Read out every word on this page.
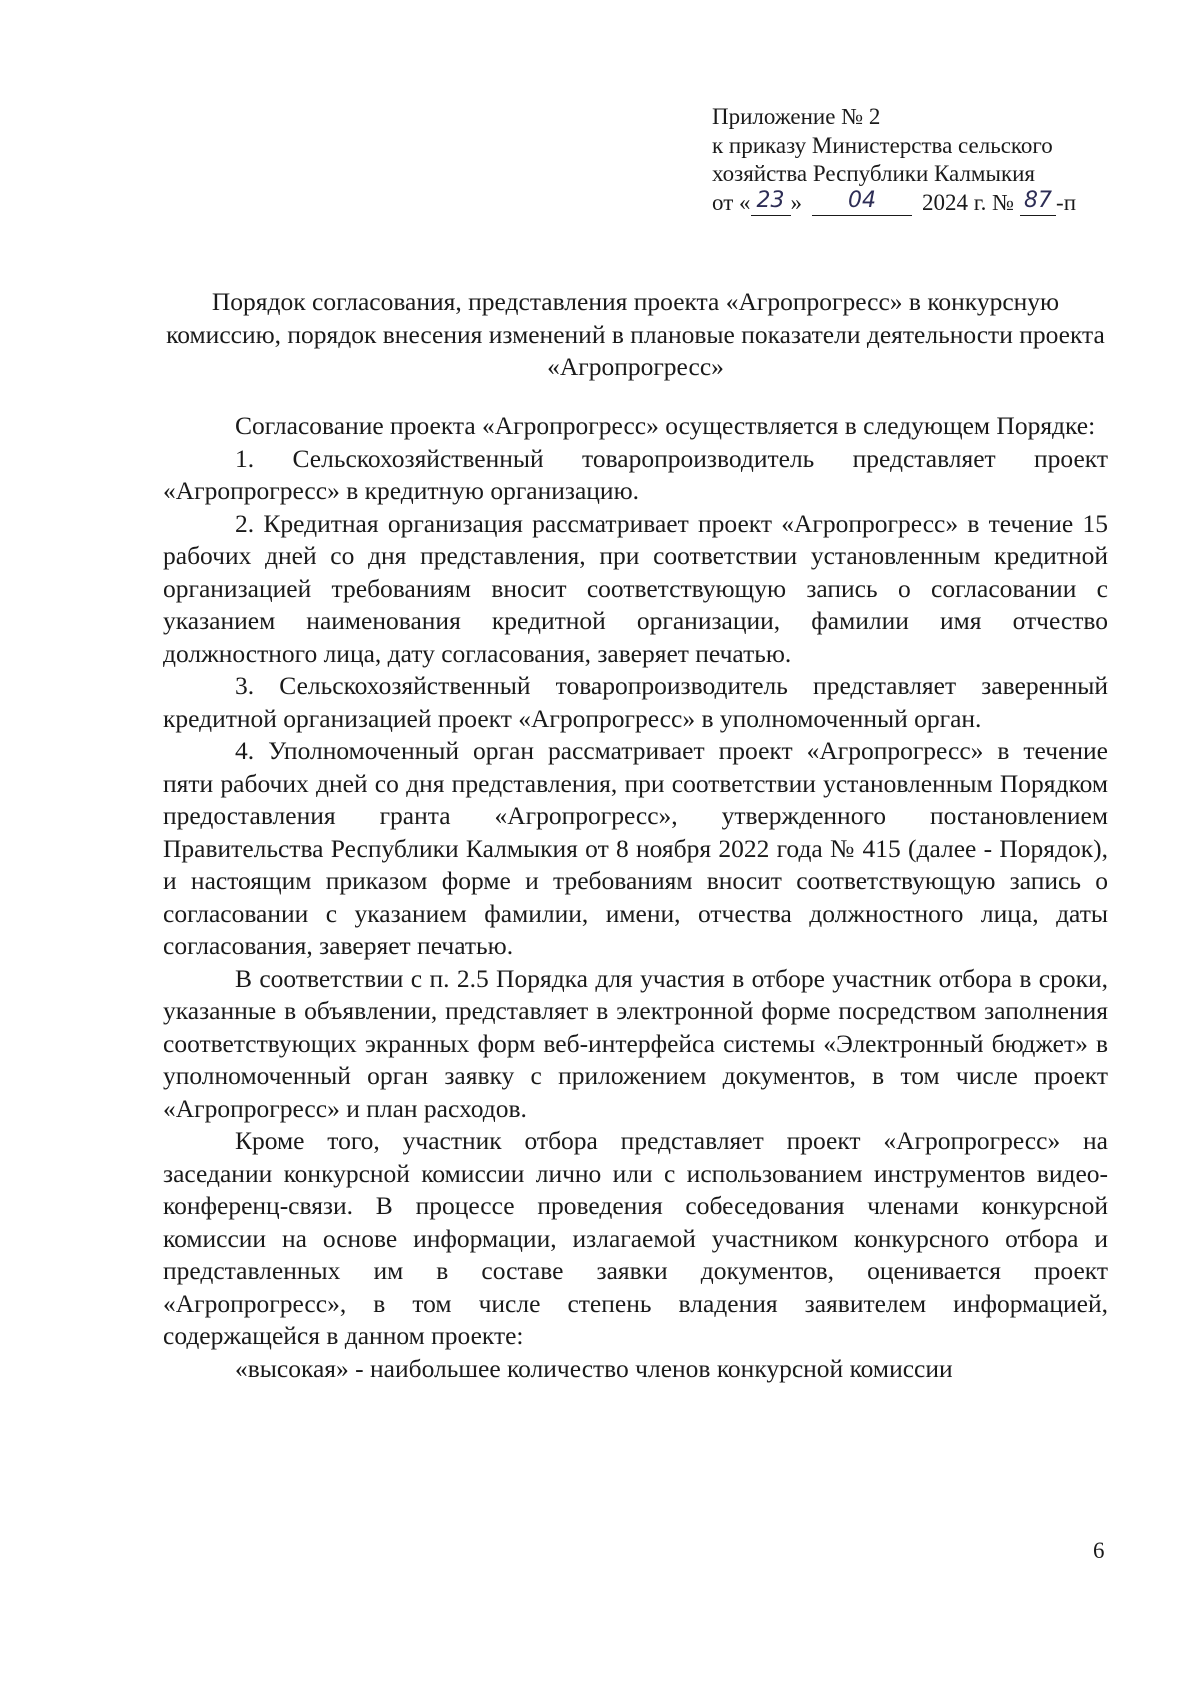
Приложение № 2
к приказу Министерства сельского
хозяйства Республики Калмыкия
от « 23 » 04 2024 г. № 87 -п
Порядок согласования, представления проекта «Агропрогресс» в конкурсную комиссию, порядок внесения изменений в плановые показатели деятельности проекта «Агропрогресс»

Согласование проекта «Агропрогресс» осуществляется в следующем Порядке:

1. Сельскохозяйственный товаропроизводитель представляет проект «Агропрогресс» в кредитную организацию.

2. Кредитная организация рассматривает проект «Агропрогресс» в течение 15 рабочих дней со дня представления, при соответствии установленным кредитной организацией требованиям вносит соответствующую запись о согласовании с указанием наименования кредитной организации, фамилии имя отчество должностного лица, дату согласования, заверяет печатью.

3. Сельскохозяйственный товаропроизводитель представляет заверенный кредитной организацией проект «Агропрогресс» в уполномоченный орган.

4. Уполномоченный орган рассматривает проект «Агропрогресс» в течение пяти рабочих дней со дня представления, при соответствии установленным Порядком предоставления гранта «Агропрогресс», утвержденного постановлением Правительства Республики Калмыкия от 8 ноября 2022 года № 415 (далее - Порядок), и настоящим приказом форме и требованиям вносит соответствующую запись о согласовании с указанием фамилии, имени, отчества должностного лица, даты согласования, заверяет печатью.

В соответствии с п. 2.5 Порядка для участия в отборе участник отбора в сроки, указанные в объявлении, представляет в электронной форме посредством заполнения соответствующих экранных форм веб-интерфейса системы «Электронный бюджет» в уполномоченный орган заявку с приложением документов, в том числе проект «Агропрогресс» и план расходов.

Кроме того, участник отбора представляет проект «Агропрогресс» на заседании конкурсной комиссии лично или с использованием инструментов видео-конференц-связи. В процессе проведения собеседования членами конкурсной комиссии на основе информации, излагаемой участником конкурсного отбора и представленных им в составе заявки документов, оценивается проект «Агропрогресс», в том числе степень владения заявителем информацией, содержащейся в данном проекте:

«высокая» - наибольшее количество членов конкурсной комиссии

6
